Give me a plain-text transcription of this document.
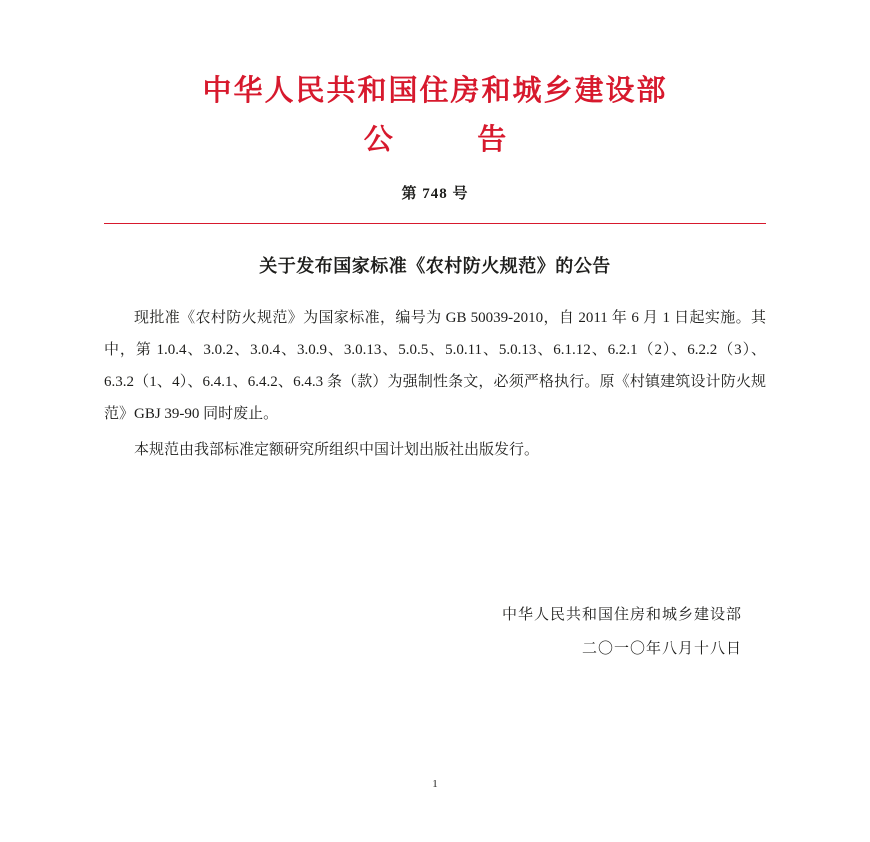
中华人民共和国住房和城乡建设部
公	告
第 748 号
关于发布国家标准《农村防火规范》的公告

现批准《农村防火规范》为国家标准，编号为 GB 50039-2010，自 2011 年 6 月 1 日起实施。其中，第 1.0.4、3.0.2、3.0.4、3.0.9、3.0.13、5.0.5、5.0.11、5.0.13、6.1.12、6.2.1（2）、6.2.2（3）、6.3.2（1、4）、6.4.1、6.4.2、6.4.3 条（款）为强制性条文，必须严格执行。原《村镇建筑设计防火规范》GBJ 39-90 同时废止。

本规范由我部标准定额研究所组织中国计划出版社出版发行。

中华人民共和国住房和城乡建设部
二〇一〇年八月十八日
1
